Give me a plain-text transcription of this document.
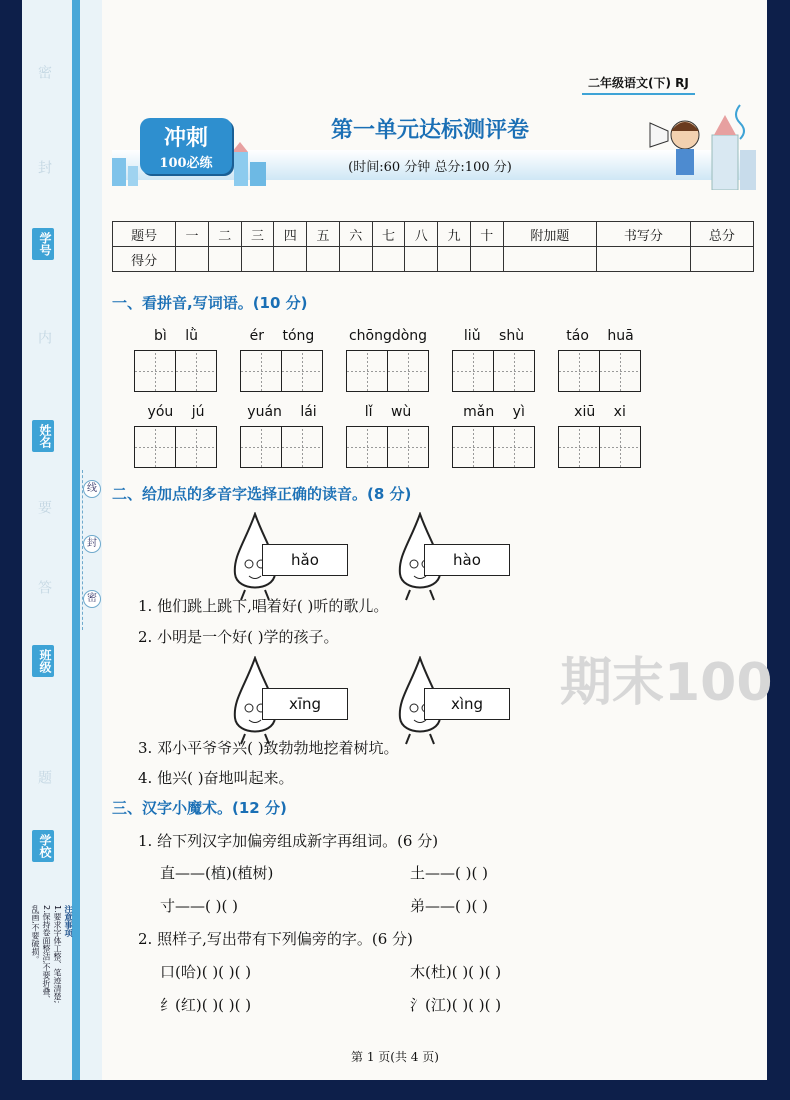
密
封
内
要
答
题
学号
姓名
班级
学校
线
封
密
注意事项
1.要求字体工整、笔迹清楚;
2.保持卷面整洁,不要折叠、
乱画,不要破损。
二年级语文(下) RJ
冲刺
100必练
第一单元达标测评卷
(时间:60 分钟 总分:100 分)
题号	一	二	三	四	五	六	七	八	九	十	附加题	书写分	总分
得分													
一、看拼音,写词语。(10 分)
bì lǜ	ér tóng	chōngdòng	liǔ shù	táo huā
yóu jú	yuán lái	lǐ wù	mǎn yì	xiū xi
二、给加点的多音字选择正确的读音。(8 分)
hǎo	hào
1. 他们跳上跳下,唱着好( )听的歌儿。
2. 小明是一个好( )学的孩子。
xīng	xìng	期末100
3. 邓小平爷爷兴( )致勃勃地挖着树坑。
4. 他兴( )奋地叫起来。
三、汉字小魔术。(12 分)
1. 给下列汉字加偏旁组成新字再组词。(6 分)
直——(植)(植树)	土——( )( )
寸——( )( )	弟——( )( )
2. 照样子,写出带有下列偏旁的字。(6 分)
口(哈)( )( )( )	木(杜)( )( )( )
纟(红)( )( )( )	氵(江)( )( )( )
第 1 页(共 4 页)
